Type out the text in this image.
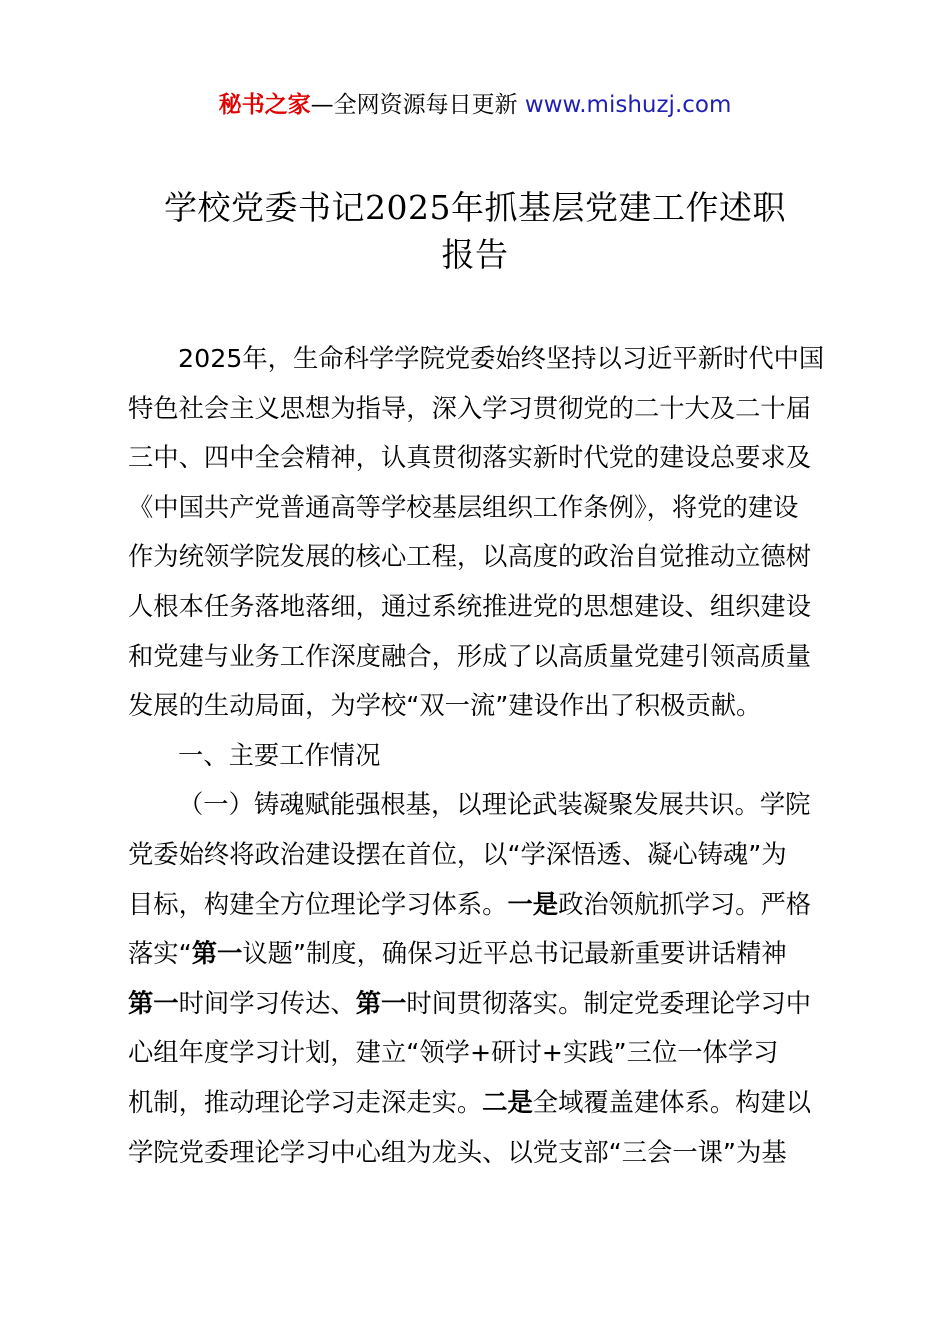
秘书之家—全网资源每日更新 www.mishuzj.com
学校党委书记2025年抓基层党建工作述职
报告
2025年，生命科学学院党委始终坚持以习近平新时代中国
特色社会主义思想为指导，深入学习贯彻党的二十大及二十届
三中、四中全会精神，认真贯彻落实新时代党的建设总要求及
《中国共产党普通高等学校基层组织工作条例》，将党的建设
作为统领学院发展的核心工程，以高度的政治自觉推动立德树
人根本任务落地落细，通过系统推进党的思想建设、组织建设
和党建与业务工作深度融合，形成了以高质量党建引领高质量
发展的生动局面，为学校“双一流”建设作出了积极贡献。
一、主要工作情况
（一）铸魂赋能强根基，以理论武装凝聚发展共识。学院
党委始终将政治建设摆在首位，以“学深悟透、凝心铸魂”为
目标，构建全方位理论学习体系。一是政治领航抓学习。严格
落实“第一议题”制度，确保习近平总书记最新重要讲话精神
第一时间学习传达、第一时间贯彻落实。制定党委理论学习中
心组年度学习计划，建立“领学+研讨+实践”三位一体学习
机制，推动理论学习走深走实。二是全域覆盖建体系。构建以
学院党委理论学习中心组为龙头、以党支部“三会一课”为基
